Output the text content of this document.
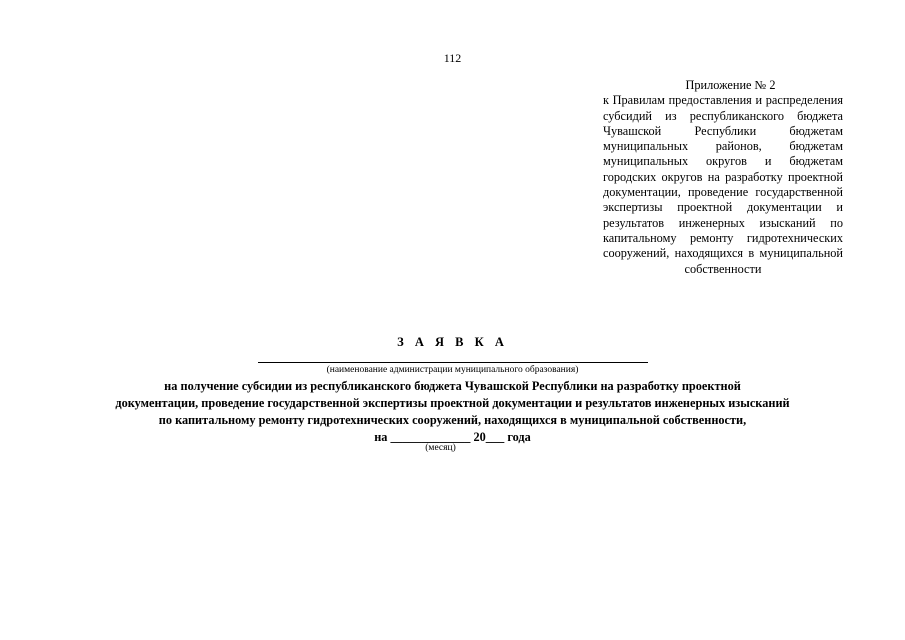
112

Приложение № 2

к Правилам предоставления и распределения субсидий из республиканского бюджета Чувашской Республики бюджетам муниципальных районов, бюджетам муниципальных округов и бюджетам городских округов на разработку проектной документации, проведение государственной экспертизы проектной документации и результатов инженерных изысканий по капитальному ремонту гидротехнических сооружений, находящихся в муниципальной собственности

З А Я В К А
(наименование администрации муниципального образования)
на получение субсидии из республиканского бюджета Чувашской Республики на разработку проектной
документации, проведение государственной экспертизы проектной документации и результатов инженерных изысканий
по капитальному ремонту гидротехнических сооружений, находящихся в муниципальной собственности,
на _____________ 20___ года
(месяц)
